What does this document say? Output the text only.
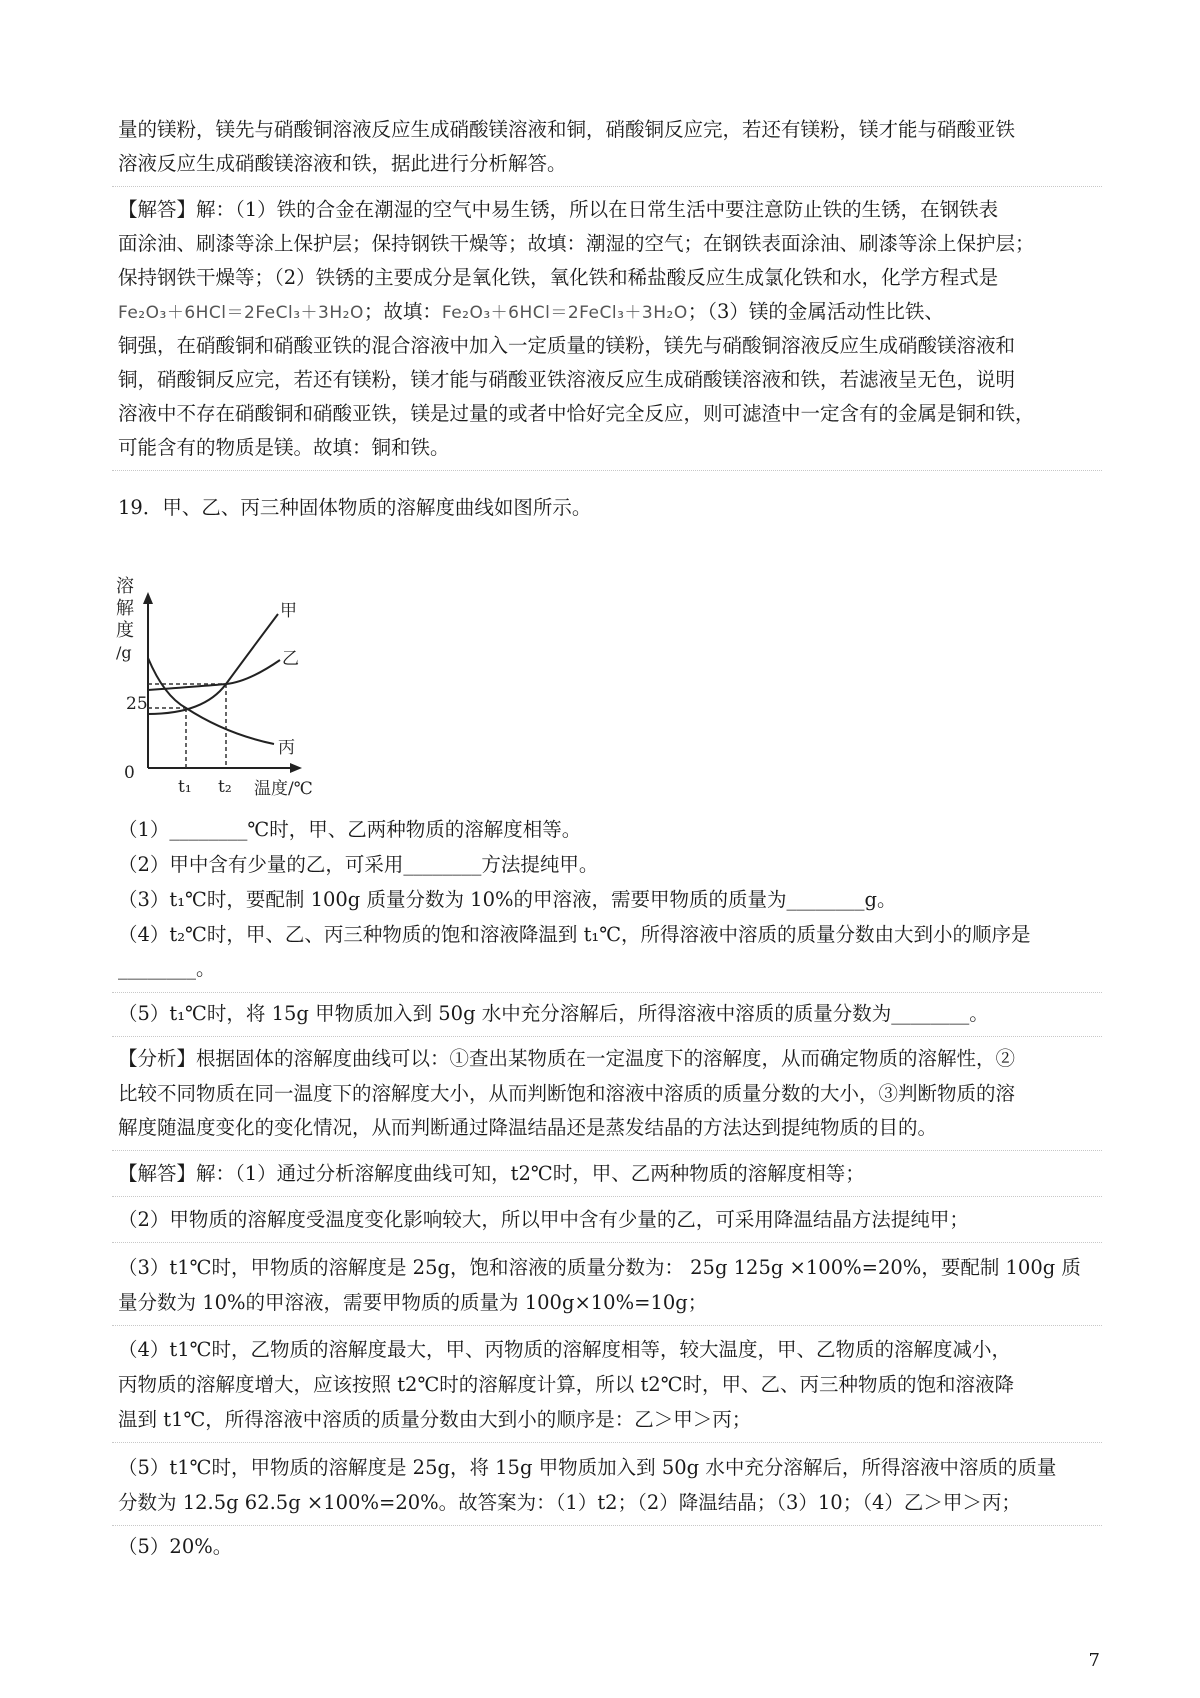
量的镁粉，镁先与硝酸铜溶液反应生成硝酸镁溶液和铜，硝酸铜反应完，若还有镁粉，镁才能与硝酸亚铁
溶液反应生成硝酸镁溶液和铁，据此进行分析解答。
【解答】解：（1）铁的合金在潮湿的空气中易生锈，所以在日常生活中要注意防止铁的生锈，在钢铁表
面涂油、刷漆等涂上保护层；保持钢铁干燥等；故填：潮湿的空气；在钢铁表面涂油、刷漆等涂上保护层；
保持钢铁干燥等；（2）铁锈的主要成分是氧化铁，氧化铁和稀盐酸反应生成氯化铁和水，化学方程式是
Fe₂O₃＋6HCl＝2FeCl₃＋3H₂O；故填：Fe₂O₃＋6HCl＝2FeCl₃＋3H₂O；（3）镁的金属活动性比铁、
铜强，在硝酸铜和硝酸亚铁的混合溶液中加入一定质量的镁粉，镁先与硝酸铜溶液反应生成硝酸镁溶液和
铜，硝酸铜反应完，若还有镁粉，镁才能与硝酸亚铁溶液反应生成硝酸镁溶液和铁，若滤液呈无色，说明
溶液中不存在硝酸铜和硝酸亚铁，镁是过量的或者中恰好完全反应，则可滤渣中一定含有的金属是铜和铁，
可能含有的物质是镁。故填：铜和铁。
19．甲、乙、丙三种固体物质的溶解度曲线如图所示。
溶
解
度
/g
25
0
甲
乙
丙
t₁ t₂ 温度/℃
（1）________℃时，甲、乙两种物质的溶解度相等。
（2）甲中含有少量的乙，可采用________方法提纯甲。
（3）t₁℃时，要配制 100g 质量分数为 10%的甲溶液，需要甲物质的质量为________g。
（4）t₂℃时，甲、乙、丙三种物质的饱和溶液降温到 t₁℃，所得溶液中溶质的质量分数由大到小的顺序是
________。
（5）t₁℃时，将 15g 甲物质加入到 50g 水中充分溶解后，所得溶液中溶质的质量分数为________。
【分析】根据固体的溶解度曲线可以：①查出某物质在一定温度下的溶解度，从而确定物质的溶解性，②
比较不同物质在同一温度下的溶解度大小，从而判断饱和溶液中溶质的质量分数的大小，③判断物质的溶
解度随温度变化的变化情况，从而判断通过降温结晶还是蒸发结晶的方法达到提纯物质的目的。
【解答】解：（1）通过分析溶解度曲线可知，t2℃时，甲、乙两种物质的溶解度相等；
（2）甲物质的溶解度受温度变化影响较大，所以甲中含有少量的乙，可采用降温结晶方法提纯甲；
（3）t1℃时，甲物质的溶解度是 25g，饱和溶液的质量分数为： 25g 125g ×100%=20%，要配制 100g 质
量分数为 10%的甲溶液，需要甲物质的质量为 100g×10%=10g；
（4）t1℃时，乙物质的溶解度最大，甲、丙物质的溶解度相等，较大温度，甲、乙物质的溶解度减小，
丙物质的溶解度增大，应该按照 t2℃时的溶解度计算，所以 t2℃时，甲、乙、丙三种物质的饱和溶液降
温到 t1℃，所得溶液中溶质的质量分数由大到小的顺序是：乙＞甲＞丙；
（5）t1℃时，甲物质的溶解度是 25g，将 15g 甲物质加入到 50g 水中充分溶解后，所得溶液中溶质的质量
分数为 12.5g 62.5g ×100%=20%。故答案为：（1）t2；（2）降温结晶；（3）10；（4）乙＞甲＞丙；
（5）20%。
7
